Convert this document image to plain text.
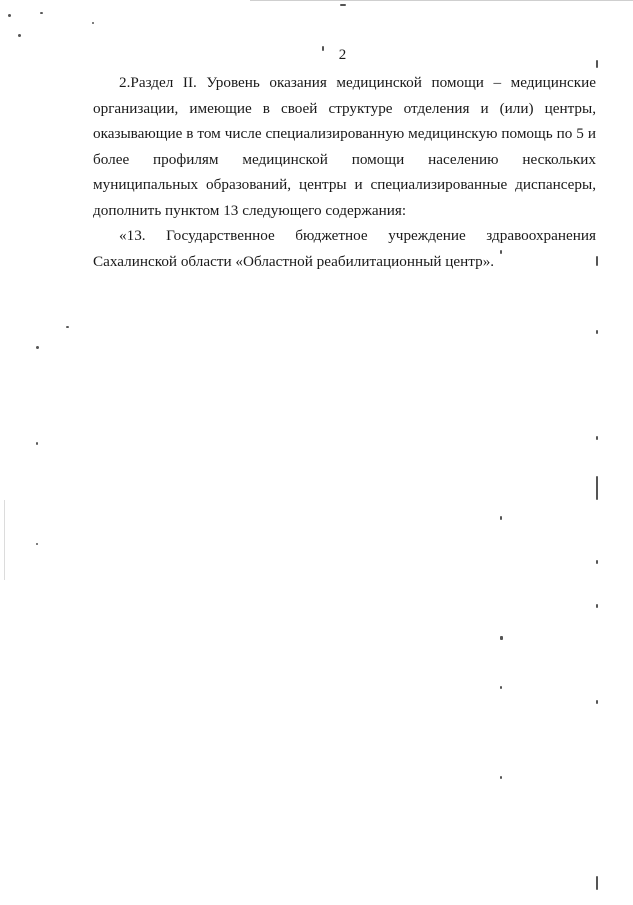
2

2.Раздел II. Уровень оказания медицинской помощи – медицинские организации, имеющие в своей структуре отделения и (или) центры, оказывающие в том числе специализированную медицинскую помощь по 5 и более профилям медицинской помощи населению нескольких муниципальных образований, центры и специализированные диспансеры, дополнить пунктом 13 следующего содержания:

«13. Государственное бюджетное учреждение здравоохранения Сахалинской области «Областной реабилитационный центр».
